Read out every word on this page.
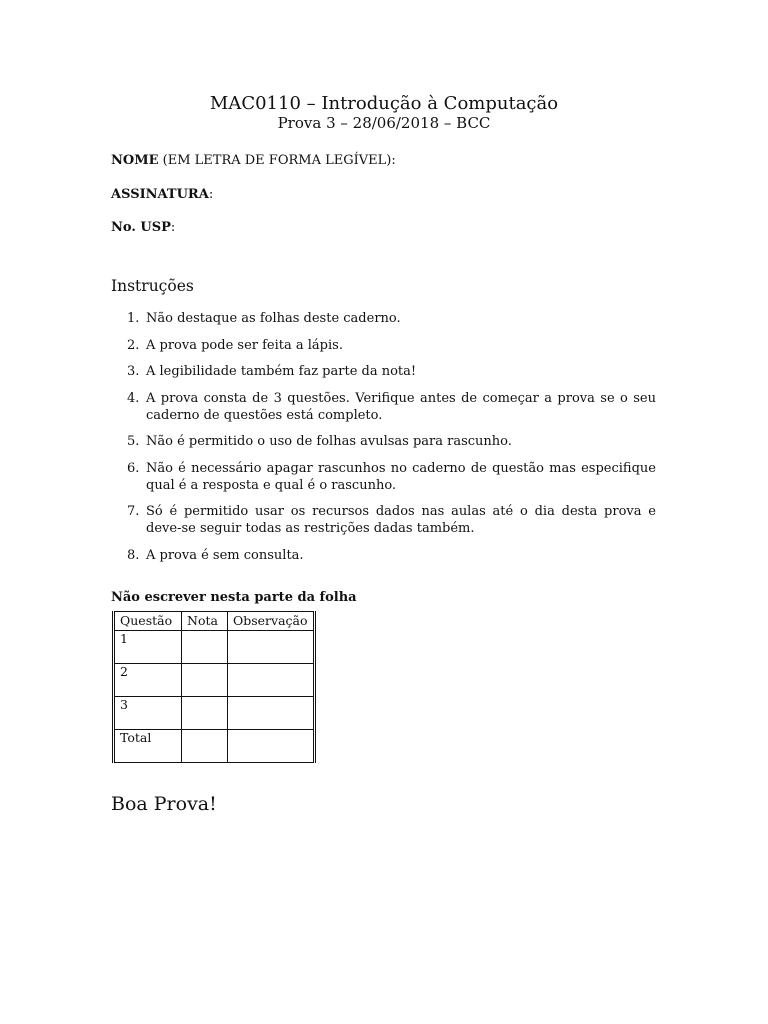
MAC0110 – Introdução à Computação
Prova 3 – 28/06/2018 – BCC
NOME (EM LETRA DE FORMA LEGÍVEL):
ASSINATURA:
No. USP:
Instruções
1. Não destaque as folhas deste caderno.
2. A prova pode ser feita a lápis.
3. A legibilidade também faz parte da nota!
4. A prova consta de 3 questões. Verifique antes de começar a prova se o seu caderno de questões está completo.
5. Não é permitido o uso de folhas avulsas para rascunho.
6. Não é necessário apagar rascunhos no caderno de questão mas especifique qual é a resposta e qual é o rascunho.
7. Só é permitido usar os recursos dados nas aulas até o dia desta prova e deve-se seguir todas as restrições dadas também.
8. A prova é sem consulta.
Não escrever nesta parte da folha
Questão	Nota	Observação
1		
2		
3		
Total		
Boa Prova!
